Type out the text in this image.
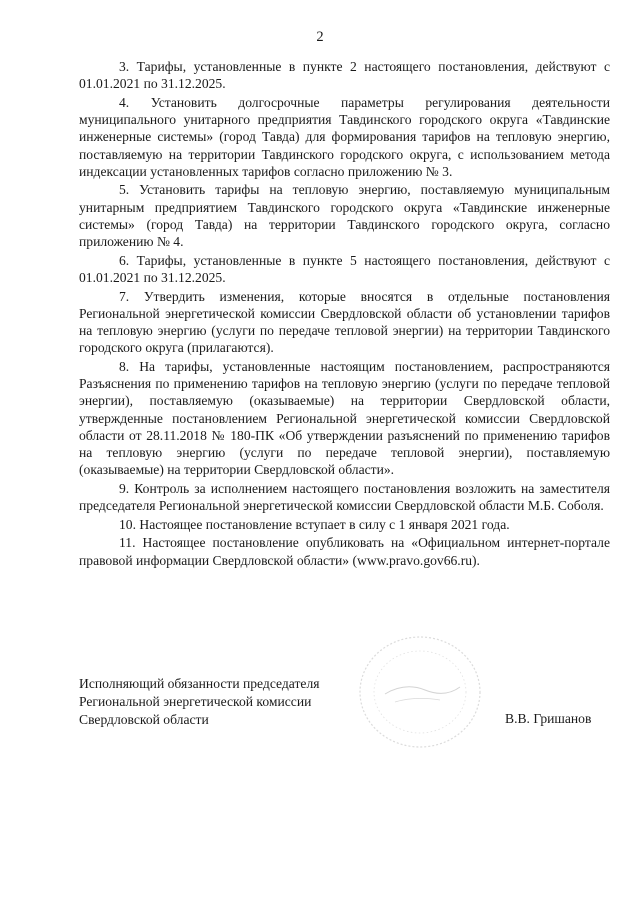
2

3. Тарифы, установленные в пункте 2 настоящего постановления, действуют с 01.01.2021 по 31.12.2025.

4. Установить долгосрочные параметры регулирования деятельности муниципального унитарного предприятия Тавдинского городского округа «Тавдинские инженерные системы» (город Тавда) для формирования тарифов на тепловую энергию, поставляемую на территории Тавдинского городского округа, с использованием метода индексации установленных тарифов согласно приложению № 3.

5. Установить тарифы на тепловую энергию, поставляемую муниципальным унитарным предприятием Тавдинского городского округа «Тавдинские инженерные системы» (город Тавда) на территории Тавдинского городского округа, согласно приложению № 4.

6. Тарифы, установленные в пункте 5 настоящего постановления, действуют с 01.01.2021 по 31.12.2025.

7. Утвердить изменения, которые вносятся в отдельные постановления Региональной энергетической комиссии Свердловской области об установлении тарифов на тепловую энергию (услуги по передаче тепловой энергии) на территории Тавдинского городского округа (прилагаются).

8. На тарифы, установленные настоящим постановлением, распространяются Разъяснения по применению тарифов на тепловую энергию (услуги по передаче тепловой энергии), поставляемую (оказываемые) на территории Свердловской области, утвержденные постановлением Региональной энергетической комиссии Свердловской области от 28.11.2018 № 180-ПК «Об утверждении разъяснений по применению тарифов на тепловую энергию (услуги по передаче тепловой энергии), поставляемую (оказываемые) на территории Свердловской области».

9. Контроль за исполнением настоящего постановления возложить на заместителя председателя Региональной энергетической комиссии Свердловской области М.Б. Соболя.

10. Настоящее постановление вступает в силу с 1 января 2021 года.

11. Настоящее постановление опубликовать на «Официальном интернет-портале правовой информации Свердловской области» (www.pravo.gov66.ru).

Исполняющий обязанности председателя
Региональной энергетической комиссии
Свердловской области	В.В. Гришанов
